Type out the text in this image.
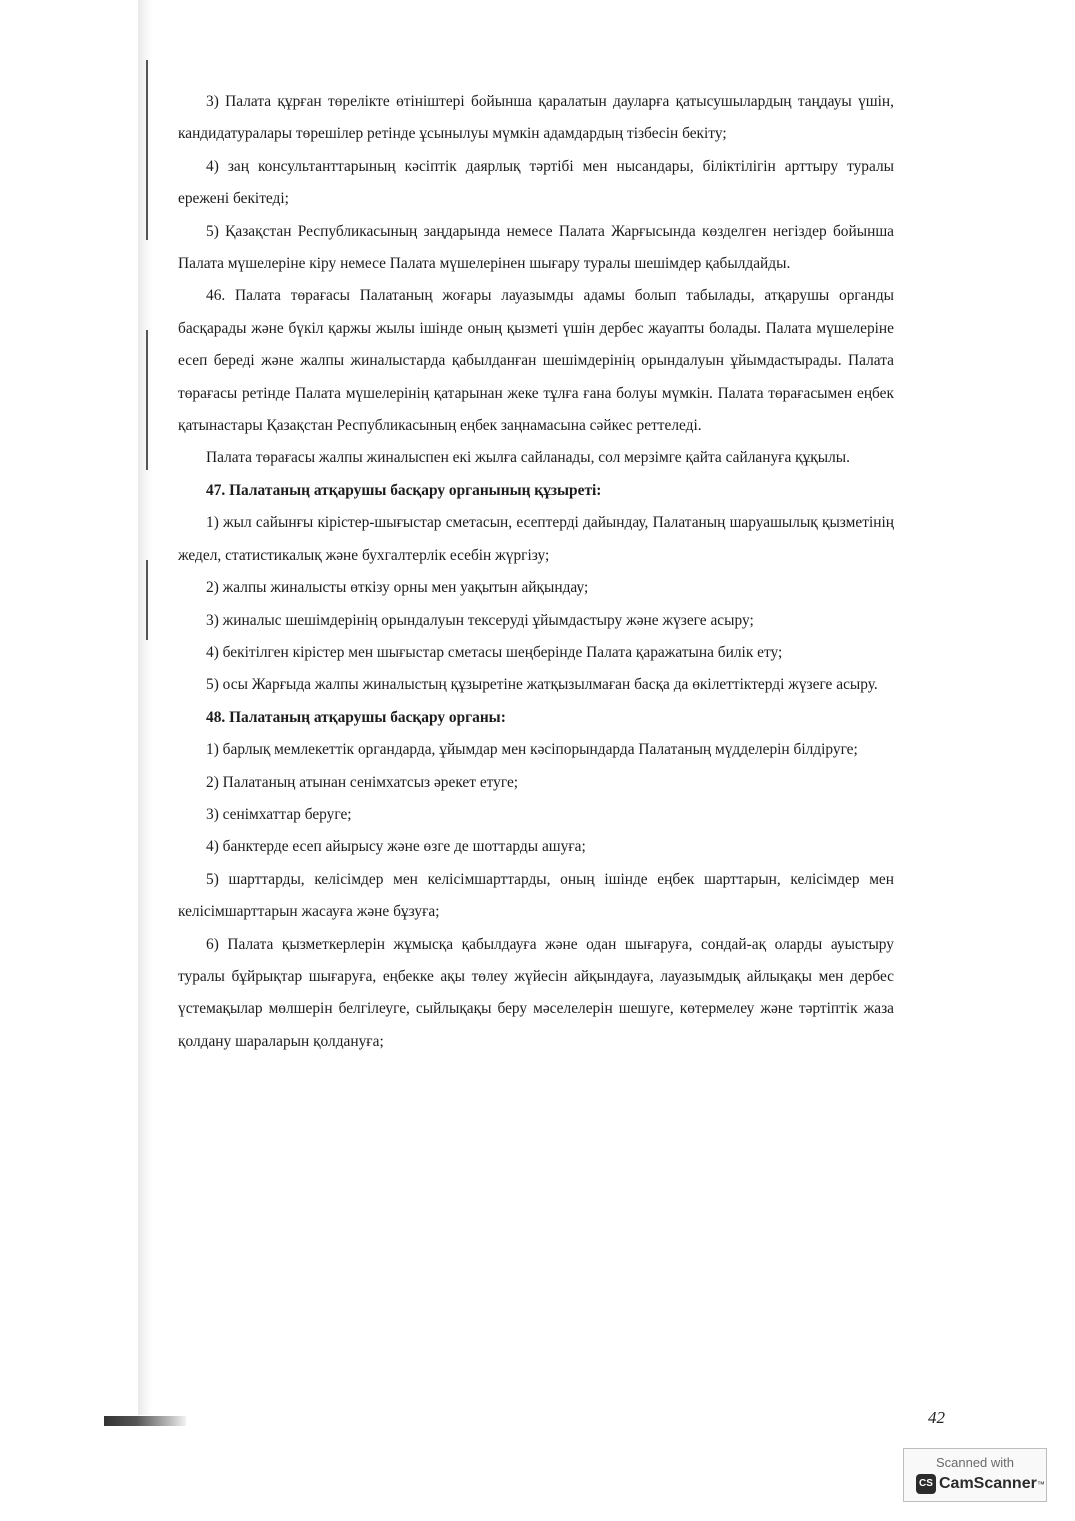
3) Палата құрған төрелікте өтініштері бойынша қаралатын дауларға қатысушылардың таңдауы үшін, кандидатуралары төрешілер ретінде ұсынылуы мүмкін адамдардың тізбесін бекіту;

4) заң консультанттарының кәсіптік даярлық тәртібі мен нысандары, біліктілігін арттыру туралы ережені бекітеді;

5) Қазақстан Республикасының заңдарында немесе Палата Жарғысында көзделген негіздер бойынша Палата мүшелеріне кіру немесе Палата мүшелерінен шығару туралы шешімдер қабылдайды.

46. Палата төрағасы Палатаның жоғары лауазымды адамы болып табылады, атқарушы органды басқарады және бүкіл қаржы жылы ішінде оның қызметі үшін дербес жауапты болады. Палата мүшелеріне есеп береді және жалпы жиналыстарда қабылданған шешімдерінің орындалуын ұйымдастырады. Палата төрағасы ретінде Палата мүшелерінің қатарынан жеке тұлға ғана болуы мүмкін. Палата төрағасымен еңбек қатынастары Қазақстан Республикасының еңбек заңнамасына сәйкес реттеледі.

Палата төрағасы жалпы жиналыспен екі жылға сайланады, сол мерзімге қайта сайлануға құқылы.

47. Палатаның атқарушы басқару органының құзыреті:

1) жыл сайынғы кірістер-шығыстар сметасын, есептерді дайындау, Палатаның шаруашылық қызметінің жедел, статистикалық және бухгалтерлік есебін жүргізу;

2) жалпы жиналысты өткізу орны мен уақытын айқындау;

3) жиналыс шешімдерінің орындалуын тексеруді ұйымдастыру және жүзеге асыру;

4) бекітілген кірістер мен шығыстар сметасы шеңберінде Палата қаражатына билік ету;

5) осы Жарғыда жалпы жиналыстың құзыретіне жатқызылмаған басқа да өкілеттіктерді жүзеге асыру.

48. Палатаның атқарушы басқару органы:

1) барлық мемлекеттік органдарда, ұйымдар мен кәсіпорындарда Палатаның мүдделерін білдіруге;

2) Палатаның атынан сенімхатсыз әрекет етуге;

3) сенімхаттар беруге;

4) банктерде есеп айырысу және өзге де шоттарды ашуға;

5) шарттарды, келісімдер мен келісімшарттарды, оның ішінде еңбек шарттарын, келісімдер мен келісімшарттарын жасауға және бұзуға;

6) Палата қызметкерлерін жұмысқа қабылдауға және одан шығаруға, сондай-ақ оларды ауыстыру туралы бұйрықтар шығаруға, еңбекке ақы төлеу жүйесін айқындауға, лауазымдық айлықақы мен дербес үстемақылар мөлшерін белгілеуге, сыйлықақы беру мәселелерін шешуге, көтермелеу және тәртіптік жаза қолдану шараларын қолдануға;

42
Scanned with
CS CamScanner ™
